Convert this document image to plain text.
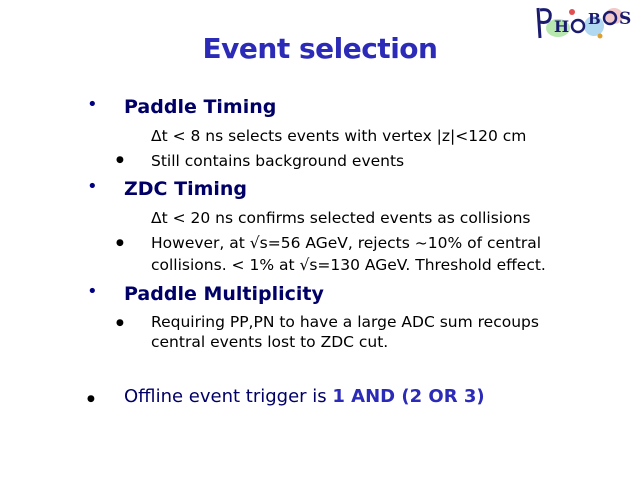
H B S
Event selection
• Paddle Timing
Δt < 8 ns selects events with vertex |z|<120 cm
● Still contains background events
• ZDC Timing
Δt < 20 ns confirms selected events as collisions
● However, at √s=56 AGeV, rejects ~10% of central
collisions. < 1% at √s=130 AGeV. Threshold effect.
• Paddle Multiplicity
● Requiring PP,PN to have a large ADC sum recoups
central events lost to ZDC cut.
● Offline event trigger is 1 AND (2 OR 3)
